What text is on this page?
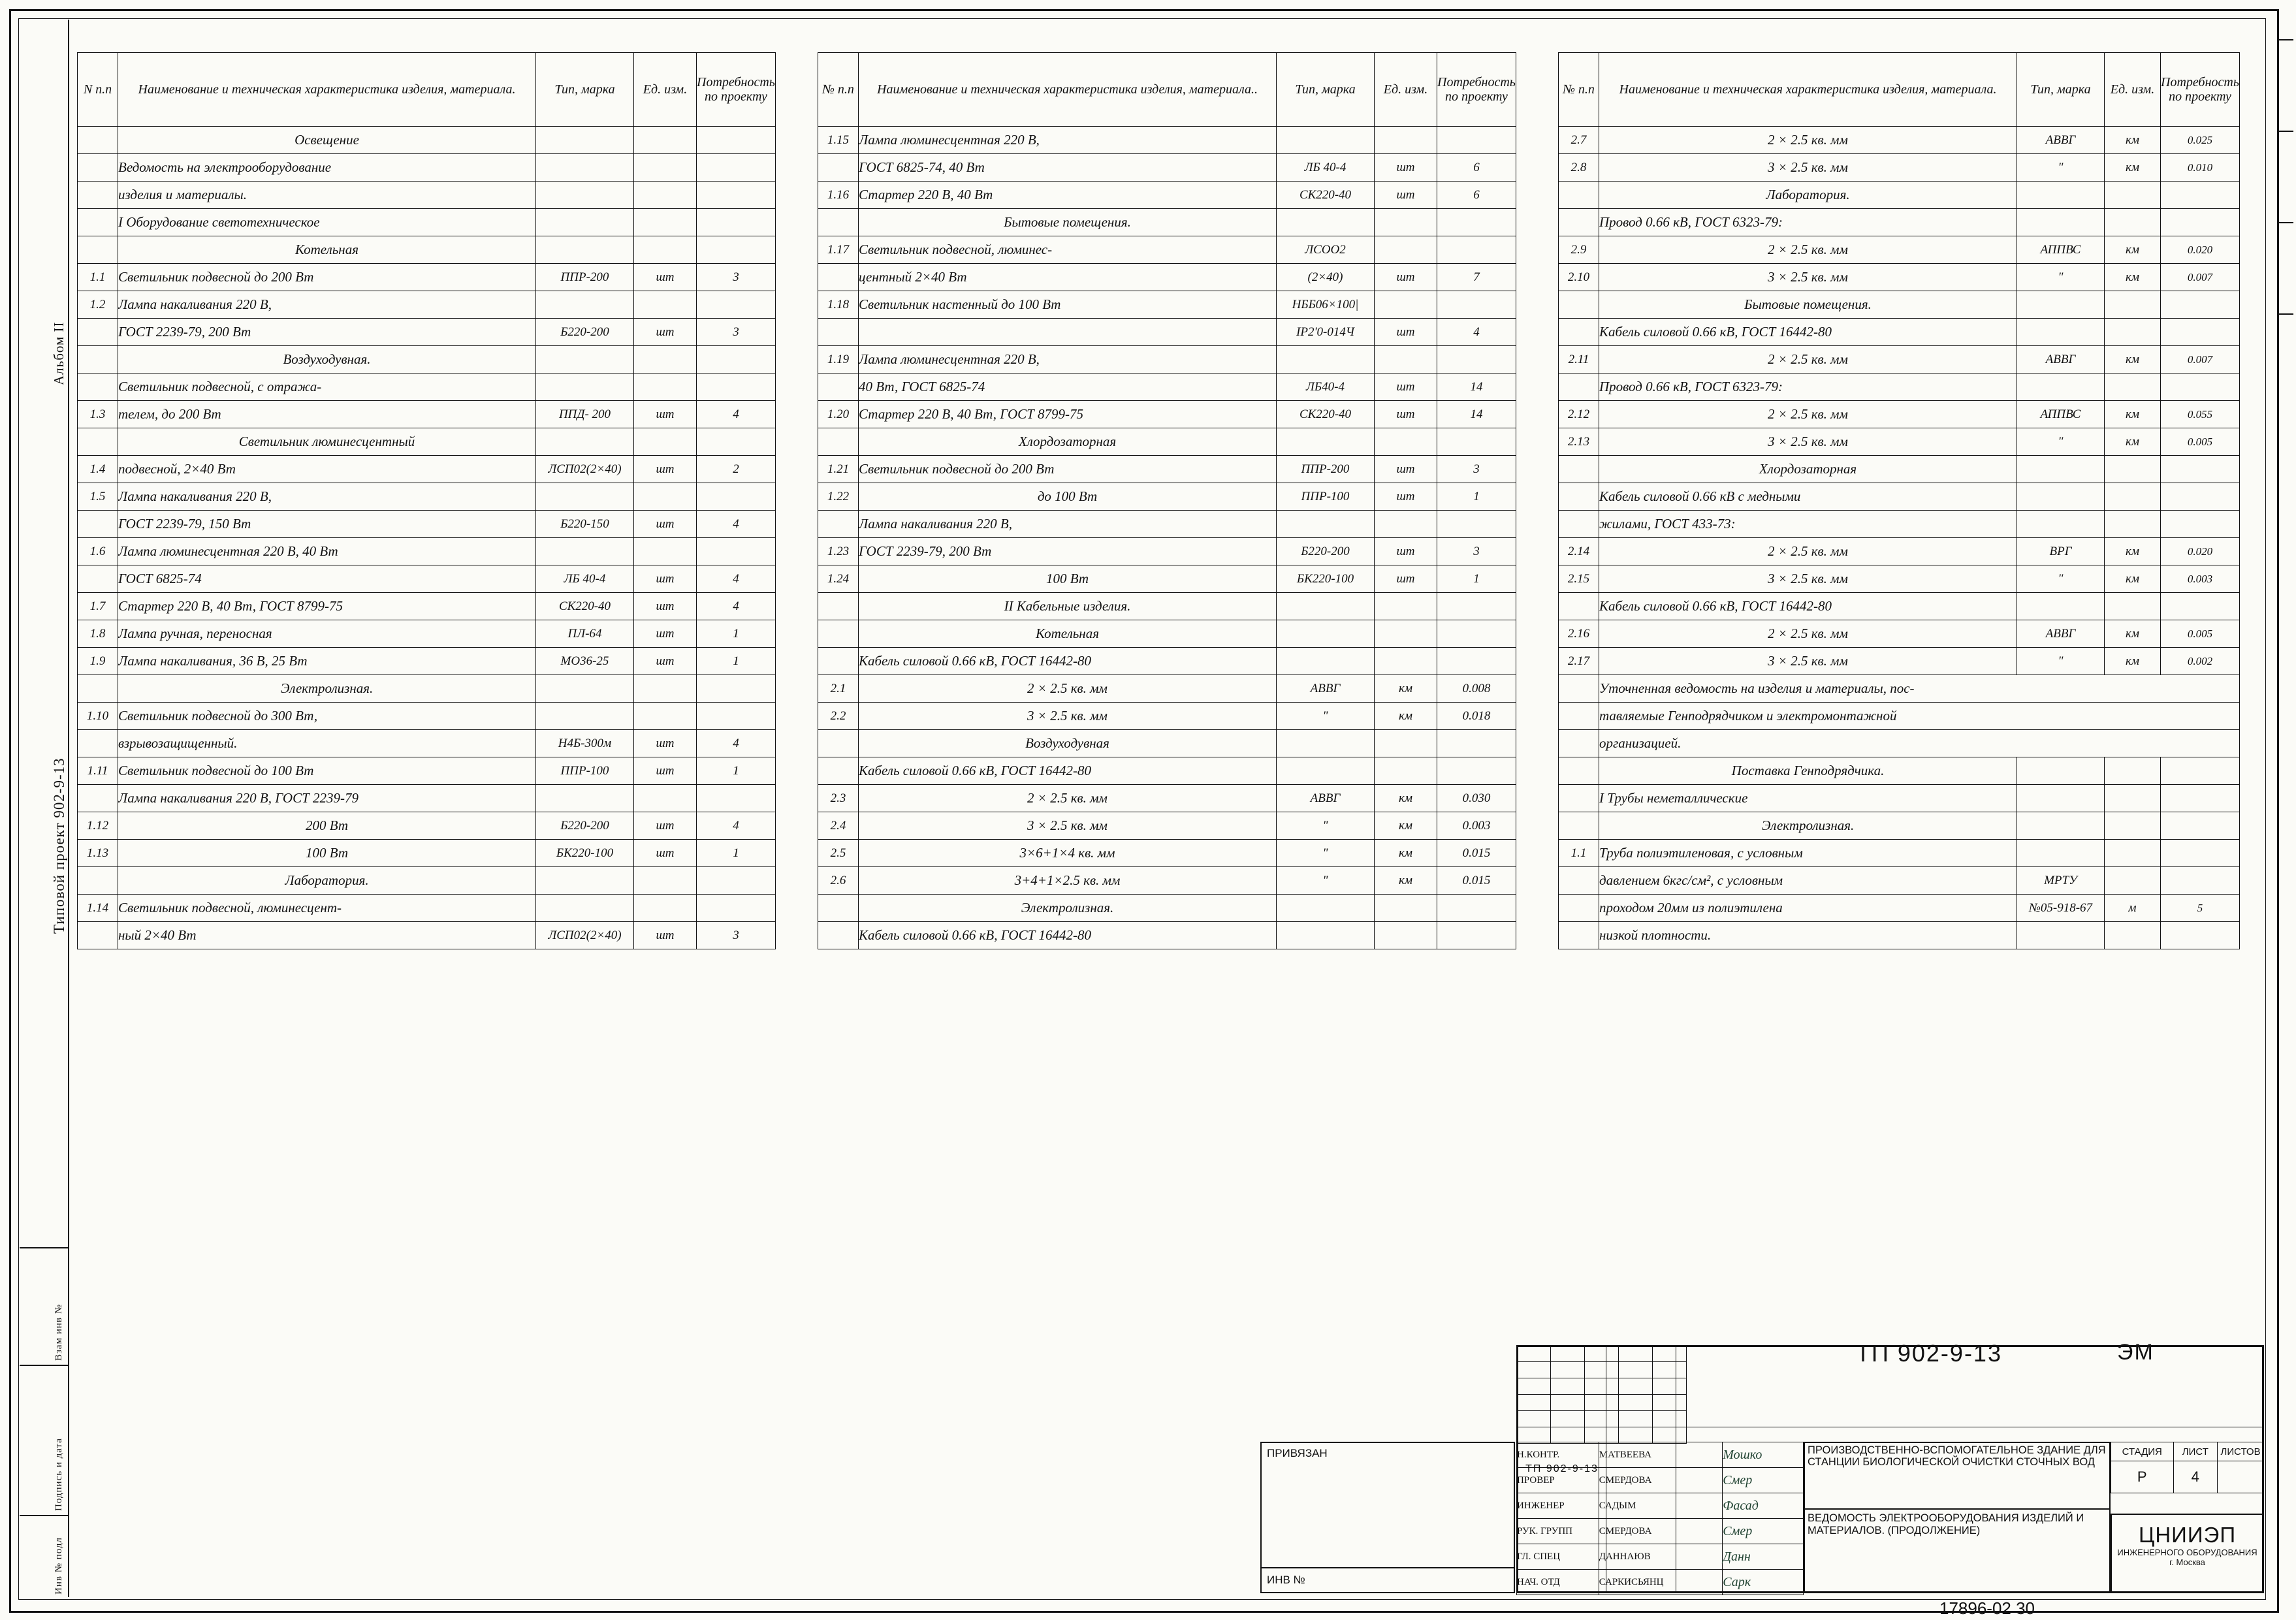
Альбом II
Типовой проект 902-9-13
Взам инв №
Подпись и дата
Инв № подл
N п.п	Наименование и техническая характеристика изделия, материала.	Тип, марка	Ед. изм.	Потребность по проекту
	Освещение			
	Ведомость на электрооборудование			
	изделия и материалы.			
	I Оборудование светотехническое			
	Котельная			
1.1	Светильник подвесной до 200 Вт	ППР-200	шт	3
1.2	Лампа накаливания 220 В,			
	ГОСТ 2239-79, 200 Вт	Б220-200	шт	3
	Воздуходувная.			
	Светильник подвесной, с отража-			
1.3	телем, до 200 Вт	ППД- 200	шт	4
	Светильник люминесцентный			
1.4	подвесной, 2×40 Вт	ЛСП02(2×40)	шт	2
1.5	Лампа накаливания 220 В,			
	ГОСТ 2239-79, 150 Вт	Б220-150	шт	4
1.6	Лампа люминесцентная 220 В, 40 Вт			
	ГОСТ 6825-74	ЛБ 40-4	шт	4
1.7	Стартер 220 В, 40 Вт, ГОСТ 8799-75	СК220-40	шт	4
1.8	Лампа ручная, переносная	ПЛ-64	шт	1
1.9	Лампа накаливания, 36 В, 25 Вт	МО36-25	шт	1
	Электролизная.			
1.10	Светильник подвесной до 300 Вт,			
	взрывозащищенный.	Н4Б-300м	шт	4
1.11	Светильник подвесной до 100 Вт	ППР-100	шт	1
	Лампа накаливания 220 В, ГОСТ 2239-79			
1.12	200 Вт	Б220-200	шт	4
1.13	100 Вт	БК220-100	шт	1
	Лаборатория.			
1.14	Светильник подвесной, люминесцент-			
	ный 2×40 Вт	ЛСП02(2×40)	шт	3
№ п.п	Наименование и техническая характеристика изделия, материала..	Тип, марка	Ед. изм.	Потребность по проекту
1.15	Лампа люминесцентная 220 В,			
	ГОСТ 6825-74, 40 Вт	ЛБ 40-4	шт	6
1.16	Стартер 220 В, 40 Вт	СК220-40	шт	6
	Бытовые помещения.			
1.17	Светильник подвесной, люминес-	ЛСОО2		
	центный 2×40 Вт	(2×40)	шт	7
1.18	Светильник настенный до 100 Вт	НББ06×100|		
		IР2'0-014Ч	шт	4
1.19	Лампа люминесцентная 220 В,			
	40 Вт, ГОСТ 6825-74	ЛБ40-4	шт	14
1.20	Стартер 220 В, 40 Вт, ГОСТ 8799-75	СК220-40	шт	14
	Хлордозаторная			
1.21	Светильник подвесной до 200 Вт	ППР-200	шт	3
1.22	до 100 Вт	ППР-100	шт	1
	Лампа накаливания 220 В,			
1.23	ГОСТ 2239-79, 200 Вт	Б220-200	шт	3
1.24	100 Вт	БК220-100	шт	1
	II Кабельные изделия.			
	Котельная			
	Кабель силовой 0.66 кВ, ГОСТ 16442-80			
2.1	2 × 2.5 кв. мм	АВВГ	км	0.008
2.2	3 × 2.5 кв. мм	"	км	0.018
	Воздуходувная			
	Кабель силовой 0.66 кВ, ГОСТ 16442-80			
2.3	2 × 2.5 кв. мм	АВВГ	км	0.030
2.4	3 × 2.5 кв. мм	"	км	0.003
2.5	3×6+1×4 кв. мм	"	км	0.015
2.6	3+4+1×2.5 кв. мм	"	км	0.015
	Электролизная.			
	Кабель силовой 0.66 кВ, ГОСТ 16442-80			
№ п.п	Наименование и техническая характеристика изделия, материала.	Тип, марка	Ед. изм.	Потребность по проекту
2.7	2 × 2.5 кв. мм	АВВГ	км	0.025
2.8	3 × 2.5 кв. мм	"	км	0.010
	Лаборатория.			
	Провод 0.66 кВ, ГОСТ 6323-79:			
2.9	2 × 2.5 кв. мм	АППВС	км	0.020
2.10	3 × 2.5 кв. мм	"	км	0.007
	Бытовые помещения.			
	Кабель силовой 0.66 кВ, ГОСТ 16442-80			
2.11	2 × 2.5 кв. мм	АВВГ	км	0.007
	Провод 0.66 кВ, ГОСТ 6323-79:			
2.12	2 × 2.5 кв. мм	АППВС	км	0.055
2.13	3 × 2.5 кв. мм	"	км	0.005
	Хлордозаторная			
	Кабель силовой 0.66 кВ с медными			
	жилами, ГОСТ 433-73:			
2.14	2 × 2.5 кв. мм	ВРГ	км	0.020
2.15	3 × 2.5 кв. мм	"	км	0.003
	Кабель силовой 0.66 кВ, ГОСТ 16442-80			
2.16	2 × 2.5 кв. мм	АВВГ	км	0.005
2.17	3 × 2.5 кв. мм	"	км	0.002
	Уточненная ведомость на изделия и материалы, пос-			
	тавляемые Генподрядчиком и электромонтажной			
	организацией.			
	Поставка Генподрядчика.			
	I Трубы неметаллические			
	Электролизная.			
1.1	Труба полиэтиленовая, с условным			
	давлением 6кгс/см², с условным	МРТУ		
	проходом 20мм из полиэтилена	№05-918-67	м	5
	низкой плотности.			
ТП 902-9-13		

ТП 902-9-13	ЭМ
ПРИВЯЗАН
ИНВ №
Н.КОНТР.	МАТВЕЕВА	Мошко
ПРОВЕР	СМЕРДОВА	Смер
ИНЖЕНЕР	САДЫМ	Фасад
РУК. ГРУПП	СМЕРДОВА	Смер
ГЛ. СПЕЦ	ДАННАЮВ	Данн
НАЧ. ОТД	САРКИСЬЯНЦ	Сарк
ПРОИЗВОДСТВЕННО-ВСПОМОГАТЕЛЬНОЕ ЗДАНИЕ ДЛЯ СТАНЦИИ БИОЛОГИЧЕСКОЙ ОЧИСТКИ СТОЧНЫХ ВОД
ВЕДОМОСТЬ ЭЛЕКТРООБОРУДОВАНИЯ ИЗДЕЛИЙ И МАТЕРИАЛОВ. (ПРОДОЛЖЕНИЕ)
СТАДИЯ	ЛИСТ	ЛИСТОВ
Р	4	
ЦНИИЭП
ИНЖЕНЕРНОГО ОБОРУДОВАНИЯ
г. Москва
17896-02 30
